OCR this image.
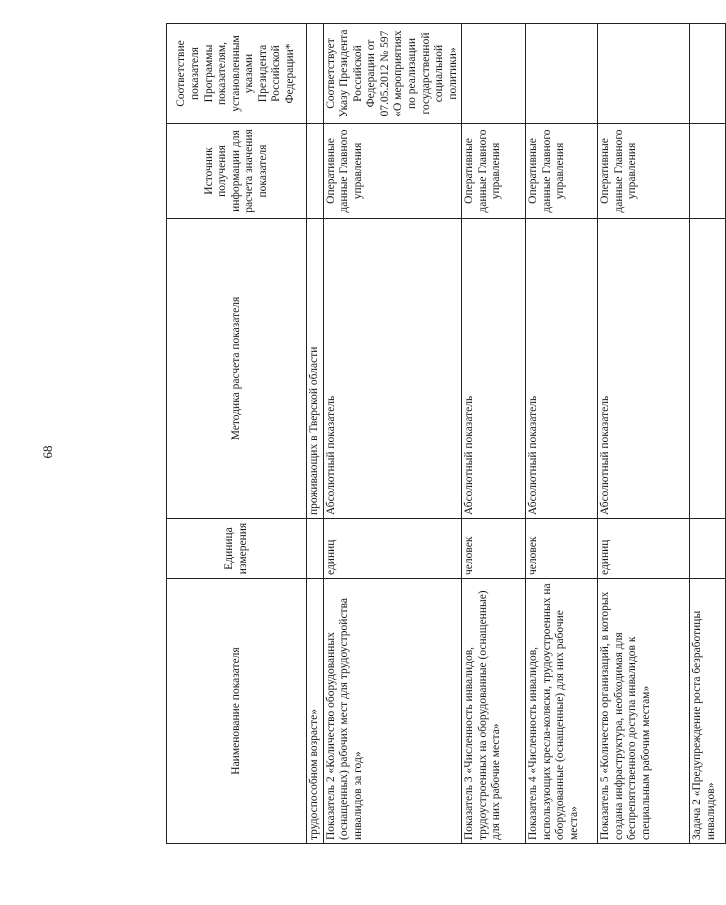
68
Наименование показателя	Единица измерения	Методика расчета показателя	Источник получения информации для расчета значения показателя	Соответствие показателя Программы показателям, установленным указами Президента Российской Федерации*
трудоспособном возрасте»		проживающих в Тверской области		
Показатель 2 «Количество оборудованных (оснащенных) рабочих мест для трудоустройства инвалидов за год»	единиц	Абсолютный показатель	Оперативные данные Главного управления	Соответствует Указу Президента Российской Федерации от 07.05.2012 № 597 «О мероприятиях по реализации государственной социальной политики»
Показатель 3 «Численность инвалидов, трудоустроенных на оборудованные (оснащенные) для них рабочие места»	человек	Абсолютный показатель	Оперативные данные Главного управления	
Показатель 4 «Численность инвалидов, использующих кресла-коляски, трудоустроенных на оборудованные (оснащенные) для них рабочие места»	человек	Абсолютный показатель	Оперативные данные Главного управления	
Показатель 5 «Количество организаций, в которых создана инфраструктура, необходимая для беспрепятственного доступа инвалидов к специальным рабочим местам»	единиц	Абсолютный показатель	Оперативные данные Главного управления	
Задача 2 «Предупреждение роста безработицы инвалидов»				
